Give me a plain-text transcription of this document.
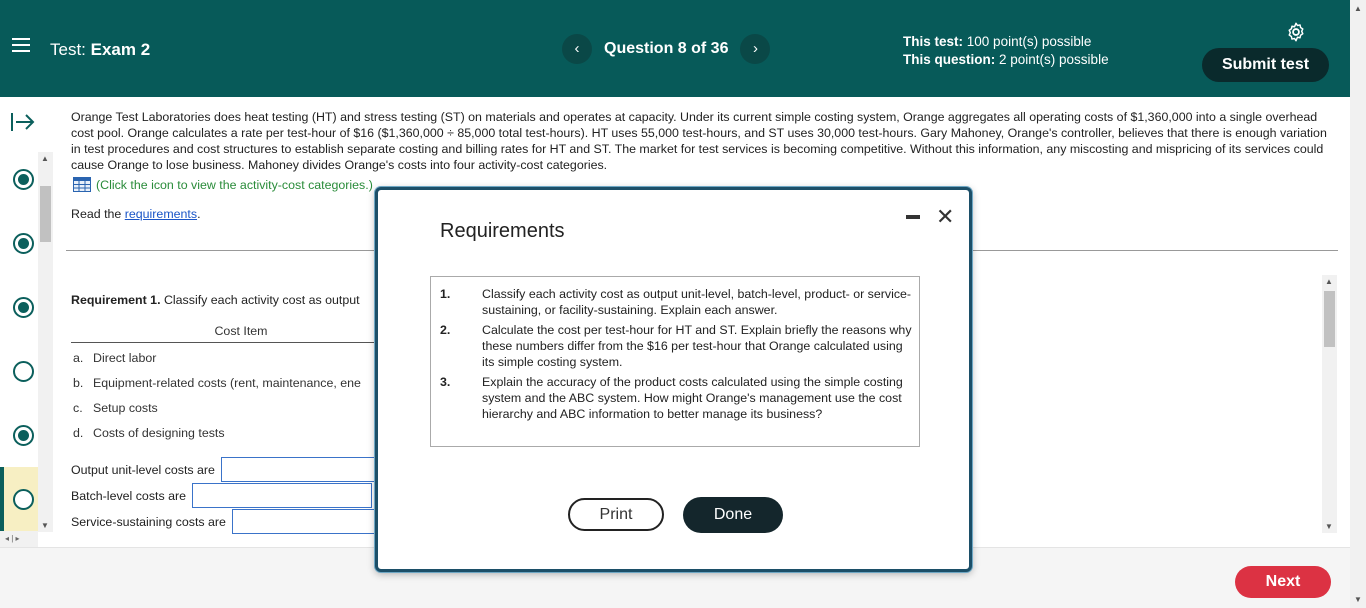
Test: Exam 2	‹	Question 8 of 36	›	This test: 100 point(s) possible
This question: 2 point(s) possible	Submit test
▲
▼
◂ | ▸
Orange Test Laboratories does heat testing (HT) and stress testing (ST) on materials and operates at capacity. Under its current simple costing system, Orange aggregates all operating costs of $1,360,000 into a single overhead cost pool. Orange calculates a rate per test-hour of $16 ($1,360,000 ÷ 85,000 total test-hours). HT uses 55,000 test-hours, and ST uses 30,000 test-hours. Gary Mahoney, Orange's controller, believes that there is enough variation in test procedures and cost structures to establish separate costing and billing rates for HT and ST. The market for test services is becoming competitive. Without this information, any miscosting and mispricing of its services could cause Orange to lose business. Mahoney divides Orange's costs into four activity-cost categories.
(Click the icon to view the activity-cost categories.)
Read the requirements.
Requirement 1. Classify each activity cost as output
Cost Item
a. Direct labor
b. Equipment-related costs (rent, maintenance, ene
c. Setup costs
d. Costs of designing tests
Output unit-level costs are
Batch-level costs are
Service-sustaining costs are
▲
▼
Next
▲
▼
Requirements
✕
1.	Classify each activity cost as output unit-level, batch-level, product- or service-sustaining, or facility-sustaining. Explain each answer.
2.	Calculate the cost per test-hour for HT and ST. Explain briefly the reasons why these numbers differ from the $16 per test-hour that Orange calculated using its simple costing system.
3.	Explain the accuracy of the product costs calculated using the simple costing system and the ABC system. How might Orange's management use the cost hierarchy and ABC information to better manage its business?
Print	Done
